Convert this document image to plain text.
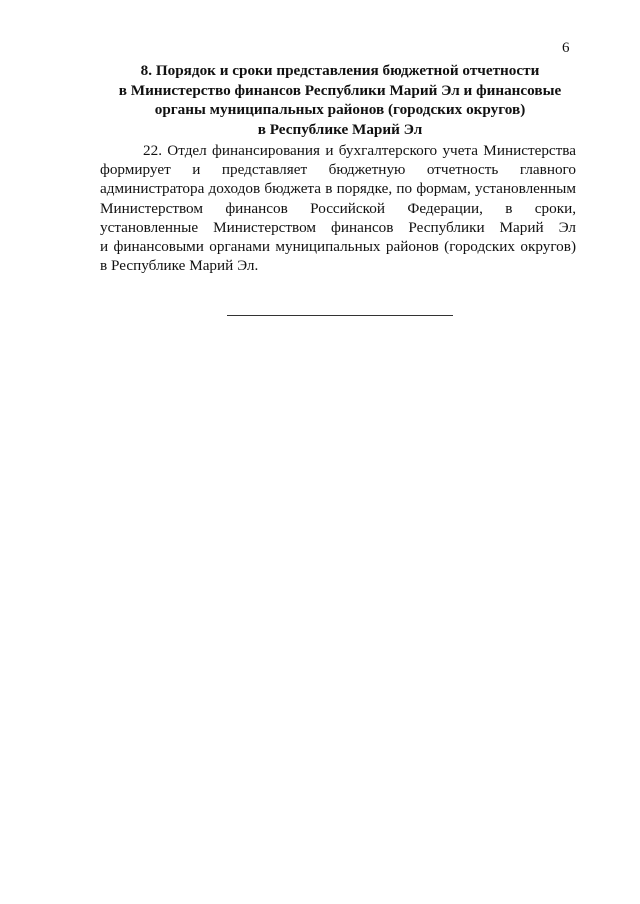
6
8. Порядок и сроки представления бюджетной отчетности
в Министерство финансов Республики Марий Эл и финансовые
органы муниципальных районов (городских округов)
в Республике Марий Эл
22. Отдел финансирования и бухгалтерского учета Министерства
формирует и представляет бюджетную отчетность главного
администратора доходов бюджета в порядке, по формам, установленным
Министерством финансов Российской Федерации, в сроки,
установленные Министерством финансов Республики Марий Эл
и финансовыми органами муниципальных районов (городских округов)
в Республике Марий Эл.
